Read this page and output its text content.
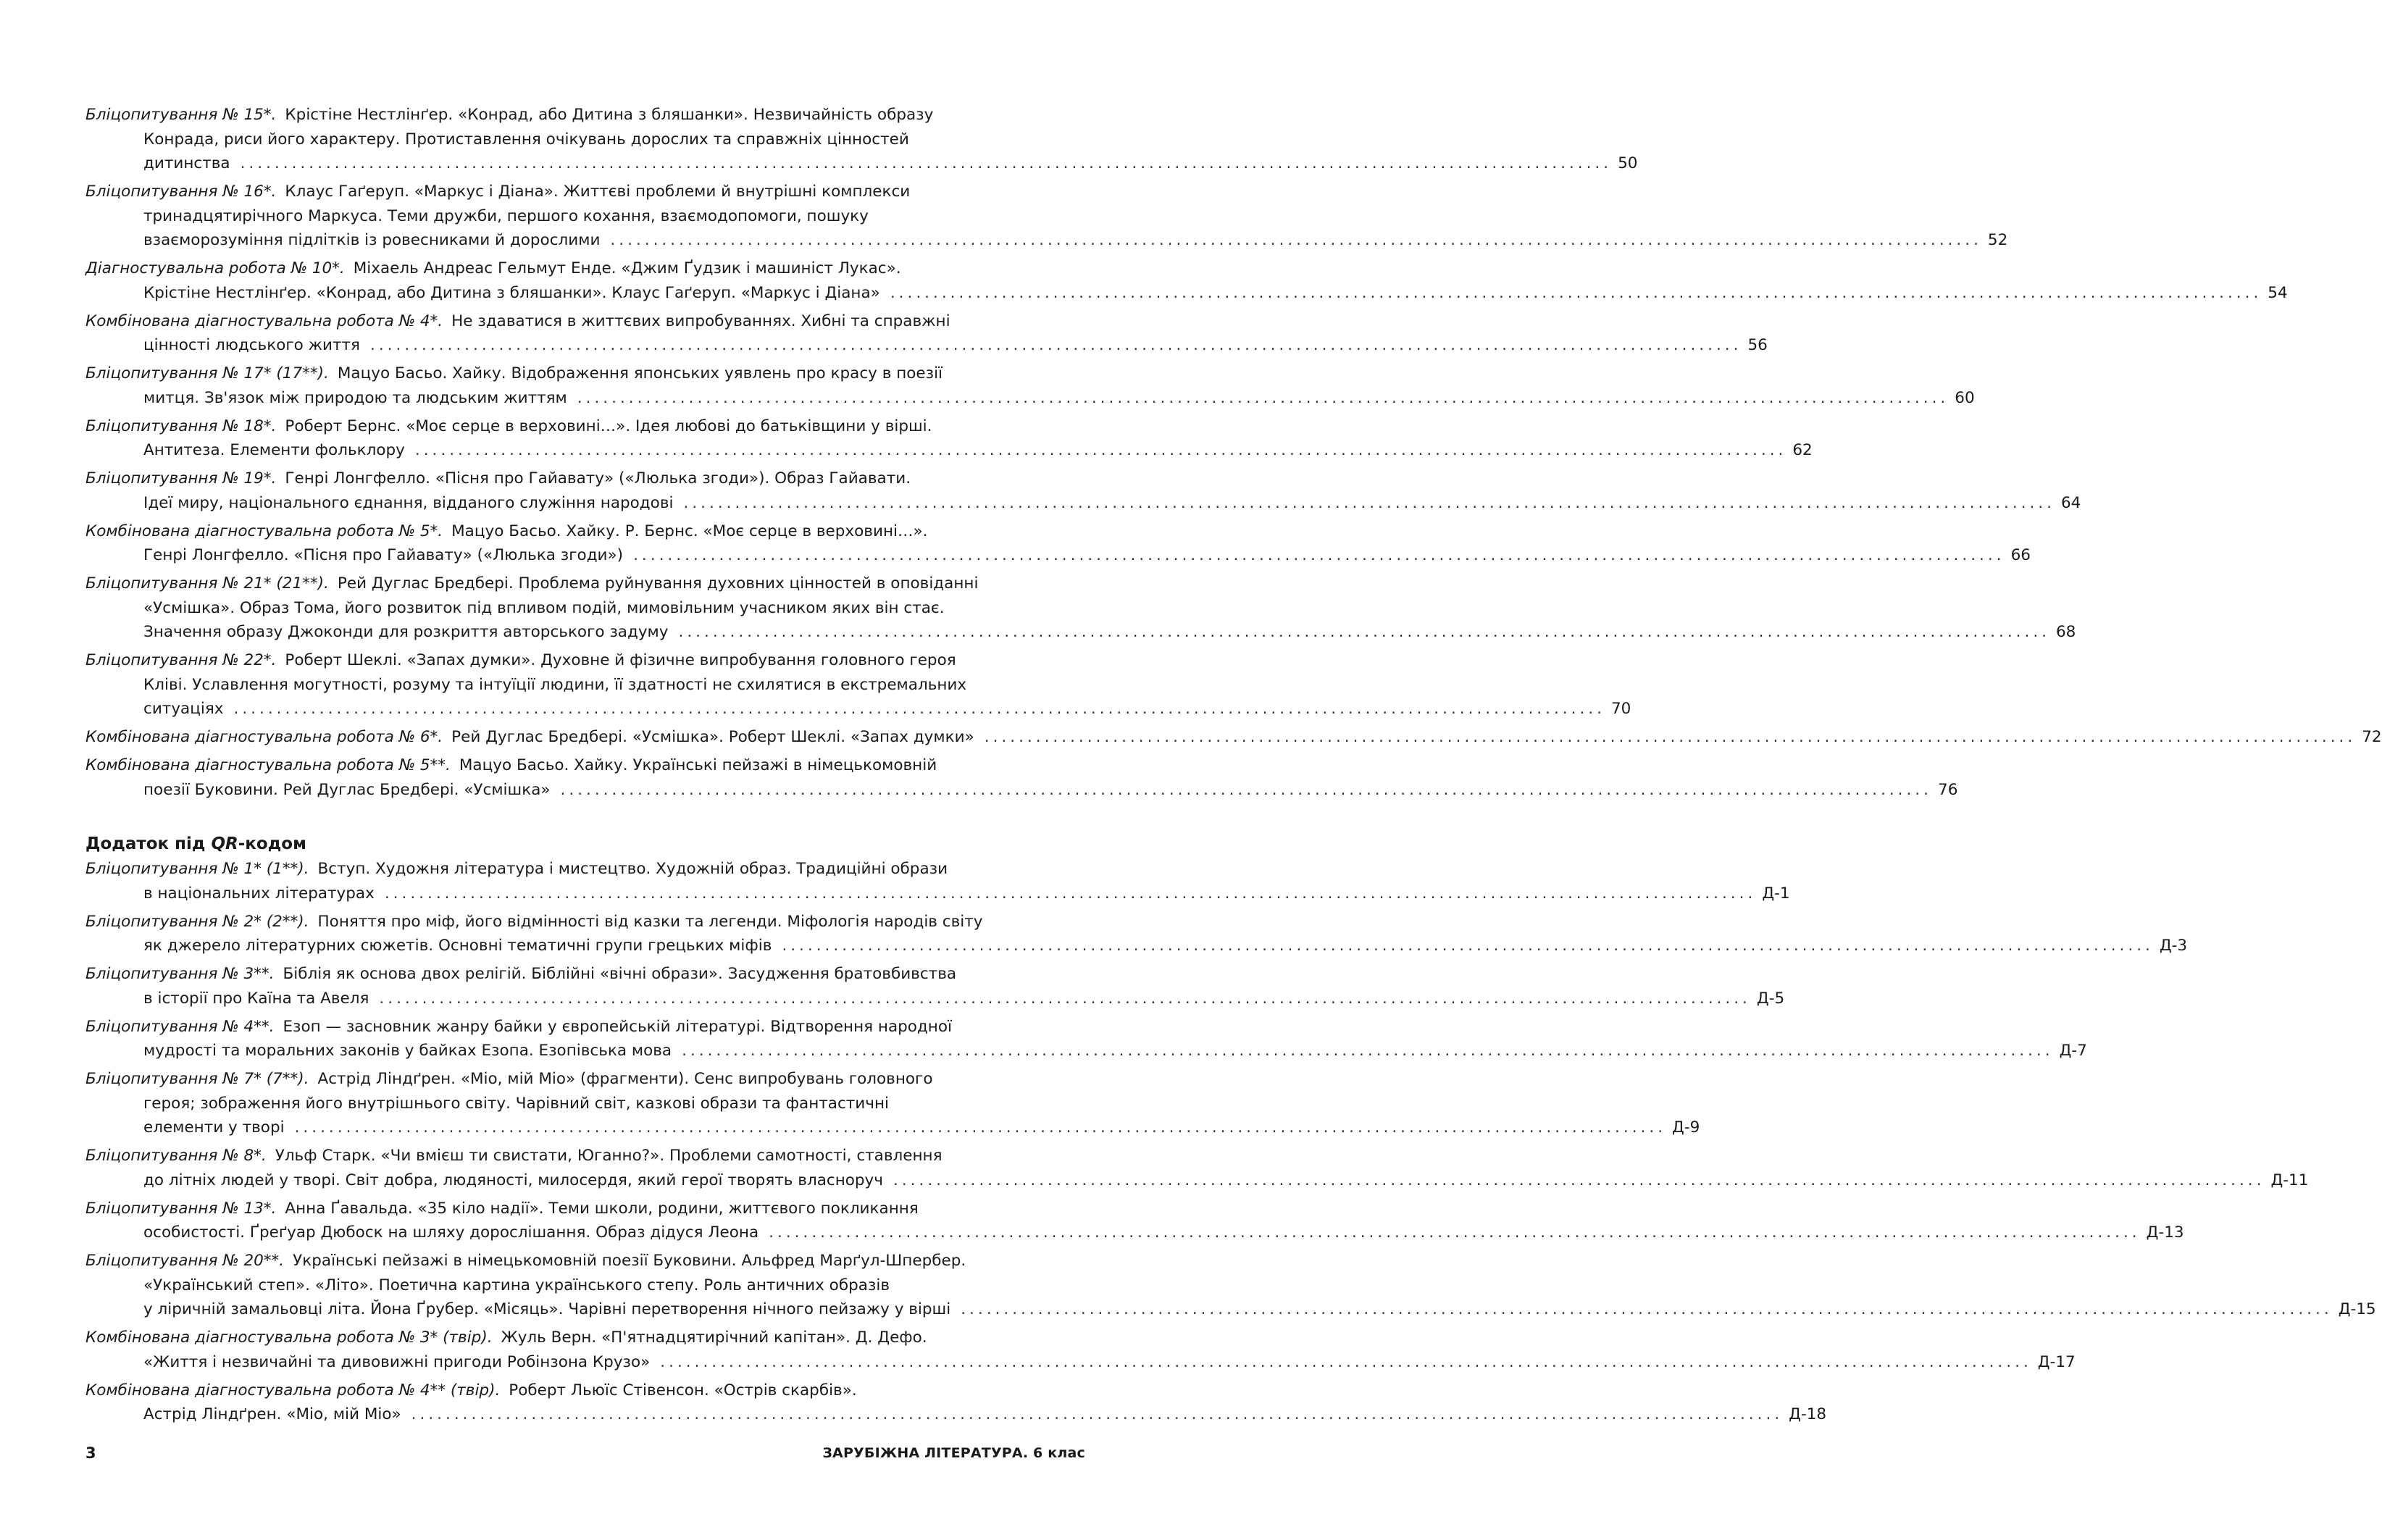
Бліцопитування № 15*. Крістіне Нестлінґер. «Конрад, або Дитина з бляшанки». Незвичайність образу
Конрада, риси його характеру. Протиставлення очікувань дорослих та справжніх цінностей
дитинства ................................................................................................................................................................ 50
Бліцопитування № 16*. Клаус Гаґеруп. «Маркус і Діана». Життєві проблеми й внутрішні комплекси
тринадцятирічного Маркуса. Теми дружби, першого кохання, взаємодопомоги, пошуку
взаєморозуміння підлітків із ровесниками й дорослими ................................................................................................................................................................ 52
Діагностувальна робота № 10*. Міхаель Андреас Гельмут Енде. «Джим Ґудзик і машиніст Лукас».
Крістіне Нестлінґер. «Конрад, або Дитина з бляшанки». Клаус Гаґеруп. «Маркус і Діана» ................................................................................................................................................................ 54
Комбінована діагностувальна робота № 4*. Не здаватися в життєвих випробуваннях. Хибні та справжні
цінності людського життя ................................................................................................................................................................ 56
Бліцопитування № 17* (17**). Мацуо Басьо. Хайку. Відображення японських уявлень про красу в поезії
митця. Зв'язок між природою та людським життям ................................................................................................................................................................ 60
Бліцопитування № 18*. Роберт Бернс. «Моє серце в верховині…». Ідея любові до батьківщини у вірші.
Антитеза. Елементи фольклору ................................................................................................................................................................ 62
Бліцопитування № 19*. Генрі Лонгфелло. «Пісня про Гайавату» («Люлька згоди»). Образ Гайавати.
Ідеї миру, національного єднання, відданого служіння народові ................................................................................................................................................................ 64
Комбінована діагностувальна робота № 5*. Мацуо Басьо. Хайку. Р. Бернс. «Моє серце в верховині…».
Генрі Лонгфелло. «Пісня про Гайавату» («Люлька згоди») ................................................................................................................................................................ 66
Бліцопитування № 21* (21**). Рей Дуглас Бредбері. Проблема руйнування духовних цінностей в оповіданні
«Усмішка». Образ Тома, його розвиток під впливом подій, мимовільним учасником яких він стає.
Значення образу Джоконди для розкриття авторського задуму ................................................................................................................................................................ 68
Бліцопитування № 22*. Роберт Шеклі. «Запах думки». Духовне й фізичне випробування головного героя
Кліві. Уславлення могутності, розуму та інтуїції людини, її здатності не схилятися в екстремальних
ситуаціях ................................................................................................................................................................ 70
Комбінована діагностувальна робота № 6*. Рей Дуглас Бредбері. «Усмішка». Роберт Шеклі. «Запах думки» ................................................................................................................................................................ 72
Комбінована діагностувальна робота № 5**. Мацуо Басьо. Хайку. Українські пейзажі в німецькомовній
поезії Буковини. Рей Дуглас Бредбері. «Усмішка» ................................................................................................................................................................ 76
Додаток під QR-кодом
Бліцопитування № 1* (1**). Вступ. Художня література і мистецтво. Художній образ. Традиційні образи
в національних літературах ................................................................................................................................................................ Д-1
Бліцопитування № 2* (2**). Поняття про міф, його відмінності від казки та легенди. Міфологія народів світу
як джерело літературних сюжетів. Основні тематичні групи грецьких міфів ................................................................................................................................................................ Д-3
Бліцопитування № 3**. Біблія як основа двох релігій. Біблійні «вічні образи». Засудження братовбивства
в історії про Каїна та Авеля ................................................................................................................................................................ Д-5
Бліцопитування № 4**. Езоп — засновник жанру байки у європейській літературі. Відтворення народної
мудрості та моральних законів у байках Езопа. Езопівська мова ................................................................................................................................................................ Д-7
Бліцопитування № 7* (7**). Астрід Ліндґрен. «Міо, мій Міо» (фрагменти). Сенс випробувань головного
героя; зображення його внутрішнього світу. Чарівний світ, казкові образи та фантастичні
елементи у творі ................................................................................................................................................................ Д-9
Бліцопитування № 8*. Ульф Старк. «Чи вмієш ти свистати, Юганно?». Проблеми самотності, ставлення
до літніх людей у творі. Світ добра, людяності, милосердя, який герої творять власноруч ................................................................................................................................................................ Д-11
Бліцопитування № 13*. Анна Ґавальда. «35 кіло надії». Теми школи, родини, життєвого покликання
особистості. Ґреґуар Дюбоск на шляху дорослішання. Образ дідуся Леона ................................................................................................................................................................ Д-13
Бліцопитування № 20**. Українські пейзажі в німецькомовній поезії Буковини. Альфред Марґул-Шпербер.
«Український степ». «Літо». Поетична картина українського степу. Роль античних образів
у ліричній замальовці літа. Йона Ґрубер. «Місяць». Чарівні перетворення нічного пейзажу у вірші ................................................................................................................................................................ Д-15
Комбінована діагностувальна робота № 3* (твір). Жуль Верн. «П'ятнадцятирічний капітан». Д. Дефо.
«Життя і незвичайні та дивовижні пригоди Робінзона Крузо» ................................................................................................................................................................ Д-17
Комбінована діагностувальна робота № 4** (твір). Роберт Льюїс Стівенсон. «Острів скарбів».
Астрід Ліндґрен. «Міо, мій Міо» ................................................................................................................................................................ Д-18
3	ЗАРУБІЖНА ЛІТЕРАТУРА. 6 клас
